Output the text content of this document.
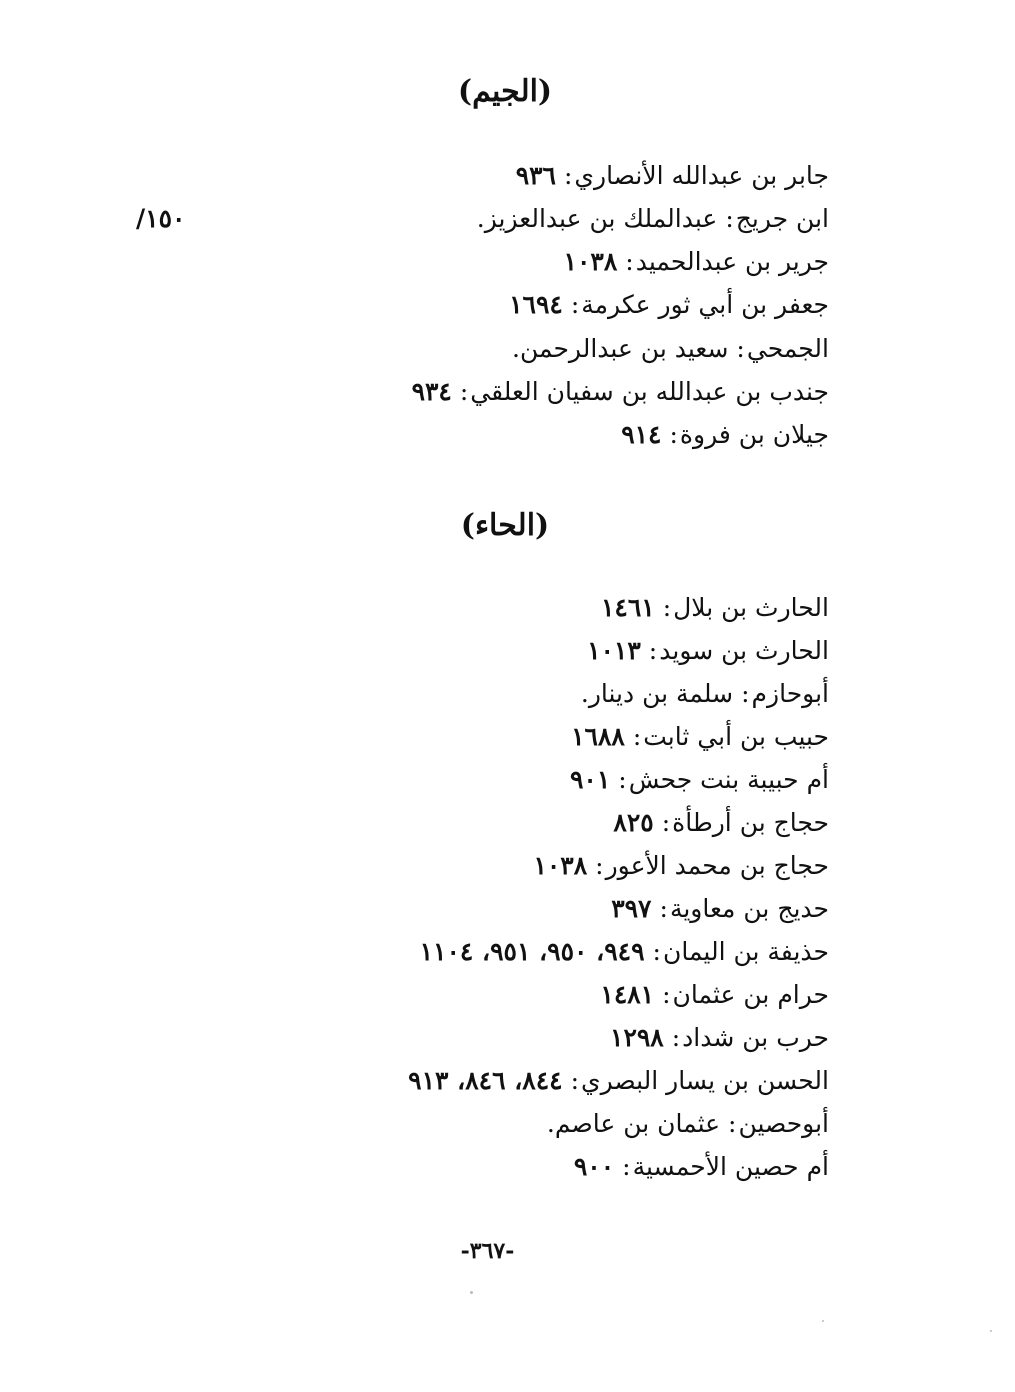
(الجيم)
جابر بن عبدالله الأنصاري:٩٣٦
١٥٠/	ابن جريج:عبدالملك بن عبدالعزيز.
جرير بن عبدالحميد:١٠٣٨
جعفر بن أبي ثور عكرمة:١٦٩٤
الجمحي:سعيد بن عبدالرحمن.
جندب بن عبدالله بن سفيان العلقي:٩٣٤
جيلان بن فروة:٩١٤
(الحاء)
الحارث بن بلال:١٤٦١
الحارث بن سويد:١٠١٣
أبوحازم:سلمة بن دينار.
حبيب بن أبي ثابت:١٦٨٨
أم حبيبة بنت جحش:٩٠١
حجاج بن أرطأة:٨٢٥
حجاج بن محمد الأعور:١٠٣٨
حديج بن معاوية:٣٩٧
حذيفة بن اليمان:٩٤٩، ٩٥٠، ٩٥١، ١١٠٤
حرام بن عثمان:١٤٨١
حرب بن شداد:١٢٩٨
الحسن بن يسار البصري:٨٤٤، ٨٤٦، ٩١٣
أبوحصين:عثمان بن عاصم.
أم حصين الأحمسية:٩٠٠
-٣٦٧-
